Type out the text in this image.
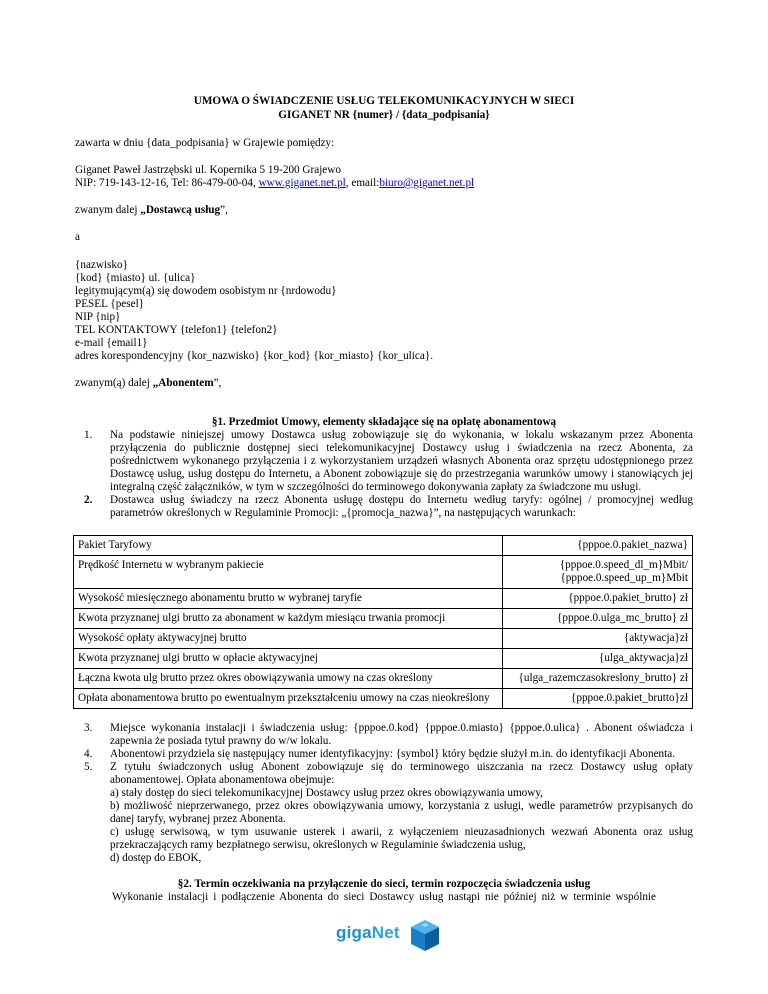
UMOWA O ŚWIADCZENIE USŁUG TELEKOMUNIKACYJNYCH W SIECI
GIGANET NR {numer} / {data_podpisania}

zawarta w dniu {data_podpisania} w Grajewie pomiędzy:

Giganet Paweł Jastrzębski ul. Kopernika 5 19-200 Grajewo

NIP: 719-143-12-16, Tel: 86-479-00-04, www.giganet.net.pl, email:biuro@giganet.net.pl

zwanym dalej „Dostawcą usług”,

a

{nazwisko}

{kod} {miasto} ul. {ulica}

legitymującym(ą) się dowodem osobistym nr {nrdowodu}

PESEL {pesel}

NIP {nip}

TEL KONTAKTOWY {telefon1} {telefon2}

e-mail {email1}

adres korespondencyjny {kor_nazwisko} {kor_kod} {kor_miasto} {kor_ulica}.

zwanym(ą) dalej „Abonentem”,

§1. Przedmiot Umowy, elementy składające się na opłatę abonamentową

1. Na podstawie niniejszej umowy Dostawca usług zobowiązuje się do wykonania, w lokalu wskazanym przez Abonenta przyłączenia do publicznie dostępnej sieci telekomunikacyjnej Dostawcy usług i świadczenia na rzecz Abonenta, za pośrednictwem wykonanego przyłączenia i z wykorzystaniem urządzeń własnych Abonenta oraz sprzętu udostępnionego przez Dostawcę usług, usług dostępu do Internetu, a Abonent zobowiązuje się do przestrzegania warunków umowy i stanowiących jej integralną część załączników, w tym w szczególności do terminowego dokonywania zapłaty za świadczone mu usługi.
2. Dostawca usług świadczy na rzecz Abonenta usługę dostępu do Internetu według taryfy: ogólnej / promocyjnej według parametrów określonych w Regulaminie Promocji: „{promocja_nazwa}”, na następujących warunkach:
Pakiet Taryfowy	{pppoe.0.pakiet_nazwa}
Prędkość Internetu w wybranym pakiecie	{pppoe.0.speed_dl_m}Mbit/
{pppoe.0.speed_up_m}Mbit

Wysokość miesięcznego abonamentu brutto w wybranej taryfie	{pppoe.0.pakiet_brutto} zł
Kwota przyznanej ulgi brutto za abonament w każdym miesiącu trwania promocji	{pppoe.0.ulga_mc_brutto} zł
Wysokość opłaty aktywacyjnej brutto	{aktywacja}zł
Kwota przyznanej ulgi brutto w opłacie aktywacyjnej	{ulga_aktywacja}zł
Łączna kwota ulg brutto przez okres obowiązywania umowy na czas określony	{ulga_razemczasokreslony_brutto} zł
Opłata abonamentowa brutto po ewentualnym przekształceniu umowy na czas nieokreślony	{pppoe.0.pakiet_brutto}zł
3. Miejsce wykonania instalacji i świadczenia usług: {pppoe.0.kod} {pppoe.0.miasto} {pppoe.0.ulica} . Abonent oświadcza i zapewnia że posiada tytuł prawny do w/w lokalu.
4. Abonentowi przydziela się następujący numer identyfikacyjny: {symbol} który będzie służył m.in. do identyfikacji Abonenta.
5. Z tytułu świadczonych usług Abonent zobowiązuje się do terminowego uiszczania na rzecz Dostawcy usług opłaty abonamentowej. Opłata abonamentowa obejmuje:
a) stały dostęp do sieci telekomunikacyjnej Dostawcy usług przez okres obowiązywania umowy,
b) możliwość nieprzerwanego, przez okres obowiązywania umowy, korzystania z usługi, wedle parametrów przypisanych do danej taryfy, wybranej przez Abonenta.
c) usługę serwisową, w tym usuwanie usterek i awarii, z wyłączeniem nieuzasadnionych wezwań Abonenta oraz usług przekraczających ramy bezpłatnego serwisu, określonych w Regulaminie świadczenia usług,
d) dostęp do EBOK,

§2. Termin oczekiwania na przyłączenie do sieci, termin rozpoczęcia świadczenia usług

Wykonanie instalacji i podłączenie Abonenta do sieci Dostawcy usług nastąpi nie później niż w terminie wspólnie

gigaNet
